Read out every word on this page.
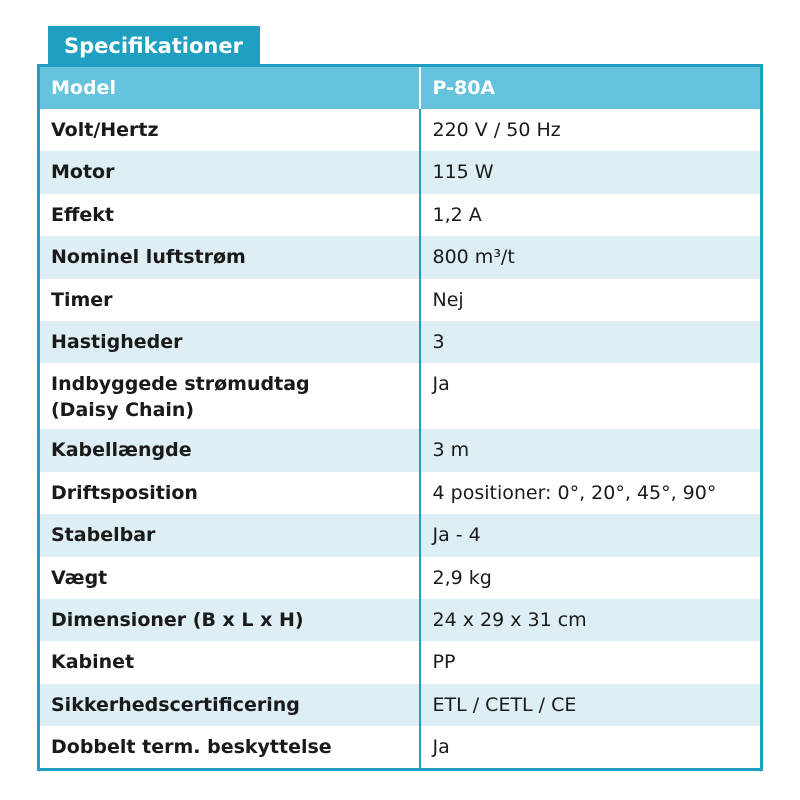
Specifikationer
Model	P-80A
Volt/Hertz	220 V / 50 Hz
Motor	115 W
Effekt	1,2 A
Nominel luftstrøm	800 m³/t
Timer	Nej
Hastigheder	3

Indbyggede strømudtag
(Daisy Chain)	Ja
Kabellængde	3 m
Driftsposition	4 positioner: 0°, 20°, 45°, 90°
Stabelbar	Ja - 4
Vægt	2,9 kg
Dimensioner (B x L x H)	24 x 29 x 31 cm
Kabinet	PP
Sikkerhedscertificering	ETL / CETL / CE
Dobbelt term. beskyttelse	Ja
